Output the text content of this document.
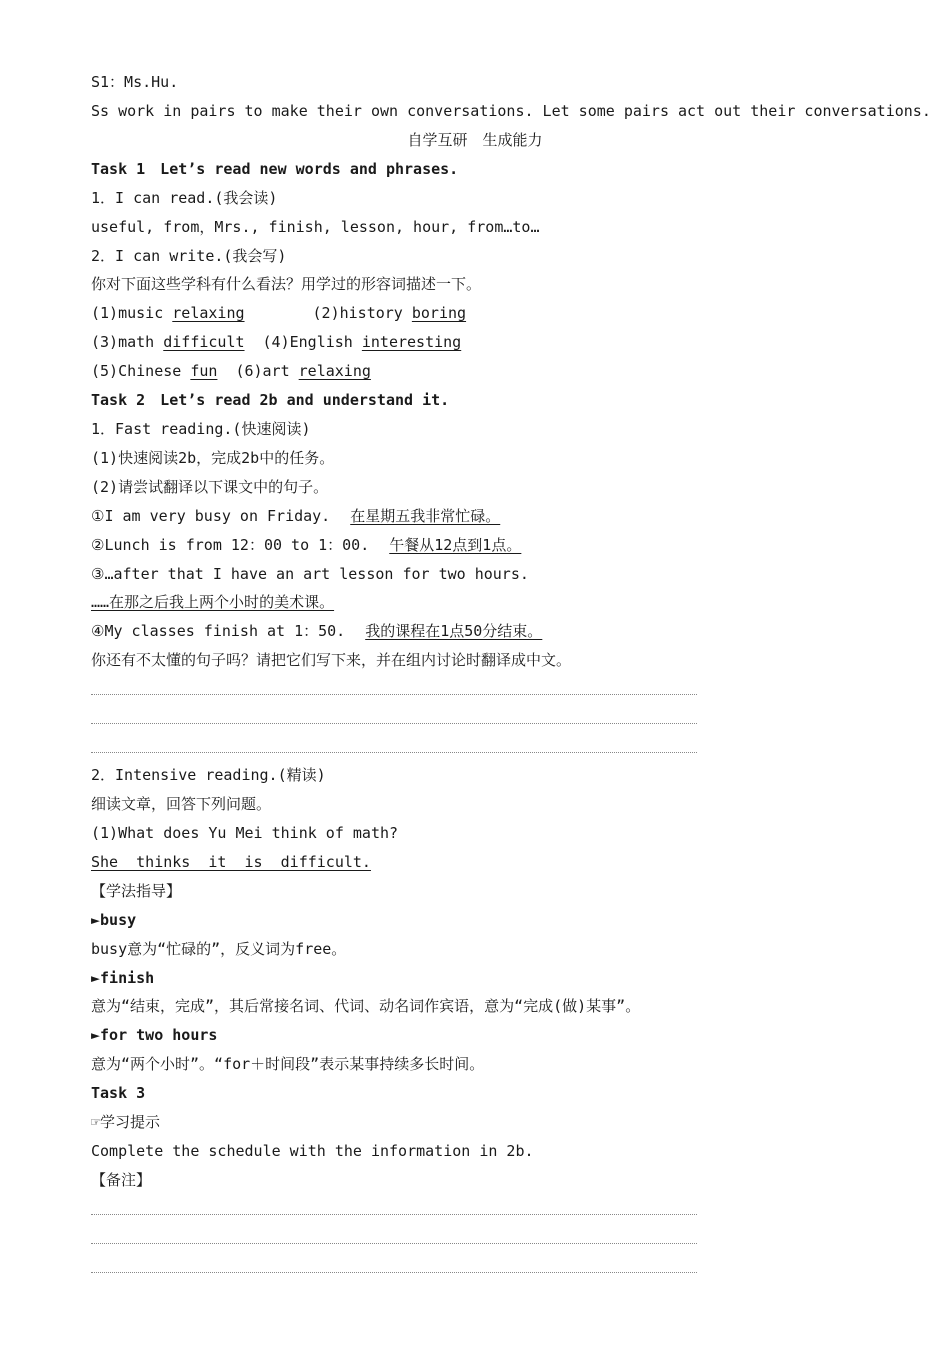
S1：Ms.Hu.
Ss work in pairs to make their own conversations. Let some pairs act out their conversations.
自学互研　生成能力
Task 1　Let’s read new words and phrases.
1．I can read.(我会读)
useful, from，Mrs., finish, lesson, hour, from…to…
2．I can write.(我会写)
你对下面这些学科有什么看法？用学过的形容词描述一下。
(1)music relaxing	(2)history boring
(3)math difficult (4)English interesting
(5)Chinese fun (6)art relaxing
Task 2　Let’s read 2b and understand it.
1．Fast reading.(快速阅读)
(1)快速阅读2b，完成2b中的任务。
(2)请尝试翻译以下课文中的句子。
①I am very busy on Friday. 在星期五我非常忙碌。
②Lunch is from 12：00 to 1：00. 午餐从12点到1点。
③…after that I have an art lesson for two hours.
……在那之后我上两个小时的美术课。
④My classes finish at 1：50. 我的课程在1点50分结束。
你还有不太懂的句子吗？请把它们写下来，并在组内讨论时翻译成中文。
2．Intensive reading.(精读)
细读文章，回答下列问题。
(1)What does Yu Mei think of math?
She  thinks  it  is  difficult.
【学法指导】
►busy
busy意为“忙碌的”，反义词为free。
►finish
意为“结束，完成”，其后常接名词、代词、动名词作宾语，意为“完成(做)某事”。
►for two hours
意为“两个小时”。“for＋时间段”表示某事持续多长时间。
Task 3
☞学习提示
Complete the schedule with the information in 2b.
【备注】
